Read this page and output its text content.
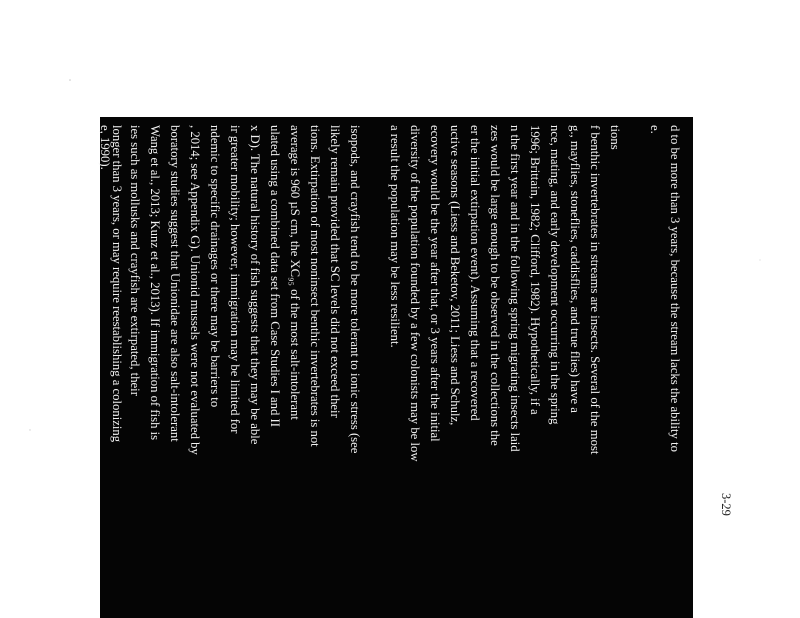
d to be more than 3 years, because the stream lacks the ability to
e.
tions
f benthic invertebrates in streams are insects. Several of the most
g., mayflies, stoneflies, caddisflies, and true flies) have a
nce, mating, and early development occurring in the spring
1996; Brittain, 1982; Clifford, 1982). Hypothetically, if a
n the first year and in the following spring migrating insects laid
zes would be large enough to be observed in the collections the
er the initial extirpation event). Assuming that a recovered
uctive seasons (Liess and Beketov, 2011; Liess and Schulz,
ecovery would be the year after that, or 3 years after the initial
diversity of the population founded by a few colonists may be low
a result the population may be less resilient.
isopods, and crayfish tend to be more tolerant to ionic stress (see
likely remain provided that SC levels did not exceed their
tions. Extirpation of most noninsect benthic invertebrates is not
average is 960 µS cm, the XC₉₅ of the most salt-intolerant
ulated using a combined data set from Case Studies I and II
x D). The natural history of fish suggests that they may be able
ir greater mobility; however, immigration may be limited for
ndemic to specific drainages or there may be barriers to
, 2014; see Appendix G). Unionid mussels were not evaluated by
boratory studies suggest that Unionidae are also salt-intolerant
Wang et al., 2013; Kunz et al., 2013). If immigration of fish is
ies such as mollusks and crayfish are extirpated, their
longer than 3 years, or may require reestablishing a colonizing
e, 1990).
3-29
